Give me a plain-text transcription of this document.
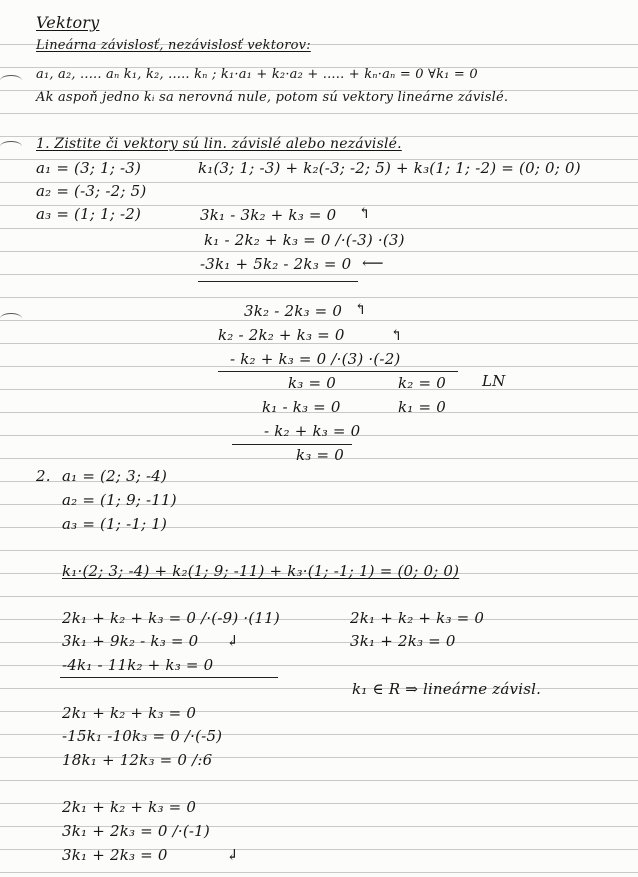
Vektory
Lineárna závislosť, nezávislosť vektorov:
a₁, a₂, ..... aₙ k₁, k₂, ..... kₙ ; k₁·a₁ + k₂·a₂ + ..... + kₙ·aₙ = 0 ∀k₁ = 0
Ak aspoň jedno kᵢ sa nerovná nule, potom sú vektory lineárne závislé.
1. Zistite či vektory sú lin. závislé alebo nezávislé.
a₁ = (3; 1; -3)
a₂ = (-3; -2; 5)
a₃ = (1; 1; -2)
k₁(3; 1; -3) + k₂(-3; -2; 5) + k₃(1; 1; -2) = (0; 0; 0)
3k₁ - 3k₂ + k₃ = 0
k₁ - 2k₂ + k₃ = 0 /·(-3) ·(3)
-3k₁ + 5k₂ - 2k₃ = 0
↰
⟵
3k₂ - 2k₃ = 0
k₂ - 2k₂ + k₃ = 0
- k₂ + k₃ = 0 /·(3) ·(-2)
↰
↰
k₃ = 0	k₂ = 0
k₁ - k₃ = 0	k₁ = 0
- k₂ + k₃ = 0
k₃ = 0
LN
2. a₁ = (2; 3; -4)
a₂ = (1; 9; -11)
a₃ = (1; -1; 1)
k₁·(2; 3; -4) + k₂(1; 9; -11) + k₃·(1; -1; 1) = (0; 0; 0)
2k₁ + k₂ + k₃ = 0 /·(-9) ·(11)
3k₁ + 9k₂ - k₃ = 0
-4k₁ - 11k₂ + k₃ = 0
↲
2k₁ + k₂ + k₃ = 0
3k₁ + 2k₃ = 0
k₁ ∈ R ⇒ lineárne závisl.
2k₁ + k₂ + k₃ = 0
-15k₁ -10k₃ = 0 /·(-5)
18k₁ + 12k₃ = 0 /:6
2k₁ + k₂ + k₃ = 0
3k₁ + 2k₃ = 0 /·(-1)
3k₁ + 2k₃ = 0	↲
